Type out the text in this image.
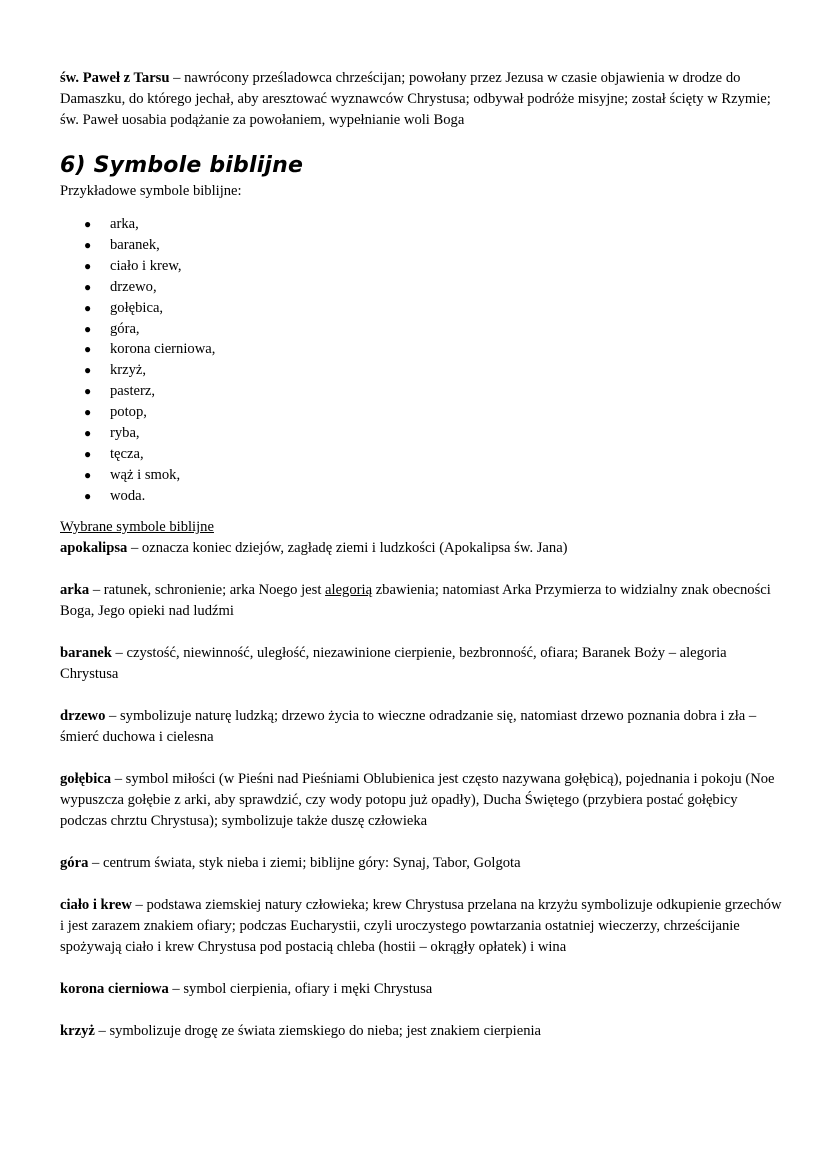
św. Paweł z Tarsu – nawrócony prześladowca chrześcijan; powołany przez Jezusa w czasie objawienia w drodze do Damaszku, do którego jechał, aby aresztować wyznawców Chrystusa; odbywał podróże misyjne; został ścięty w Rzymie; św. Paweł uosabia podążanie za powołaniem, wypełnianie woli Boga

6) Symbole biblijne

Przykładowe symbole biblijne:

● arka,
● baranek,
● ciało i krew,
● drzewo,
● gołębica,
● góra,
● korona cierniowa,
● krzyż,
● pasterz,
● potop,
● ryba,
● tęcza,
● wąż i smok,
● woda.

Wybrane symbole biblijne

apokalipsa – oznacza koniec dziejów, zagładę ziemi i ludzkości (Apokalipsa św. Jana)

arka – ratunek, schronienie; arka Noego jest alegorią zbawienia; natomiast Arka Przymierza to widzialny znak obecności Boga, Jego opieki nad ludźmi

baranek – czystość, niewinność, uległość, niezawinione cierpienie, bezbronność, ofiara; Baranek Boży – alegoria Chrystusa

drzewo – symbolizuje naturę ludzką; drzewo życia to wieczne odradzanie się, natomiast drzewo poznania dobra i zła – śmierć duchowa i cielesna

gołębica – symbol miłości (w Pieśni nad Pieśniami Oblubienica jest często nazywana gołębicą), pojednania i pokoju (Noe wypuszcza gołębie z arki, aby sprawdzić, czy wody potopu już opadły), Ducha Świętego (przybiera postać gołębicy podczas chrztu Chrystusa); symbolizuje także duszę człowieka

góra – centrum świata, styk nieba i ziemi; biblijne góry: Synaj, Tabor, Golgota

ciało i krew – podstawa ziemskiej natury człowieka; krew Chrystusa przelana na krzyżu symbolizuje odkupienie grzechów i jest zarazem znakiem ofiary; podczas Eucharystii, czyli uroczystego powtarzania ostatniej wieczerzy, chrześcijanie spożywają ciało i krew Chrystusa pod postacią chleba (hostii – okrągły opłatek) i wina

korona cierniowa – symbol cierpienia, ofiary i męki Chrystusa

krzyż – symbolizuje drogę ze świata ziemskiego do nieba; jest znakiem cierpienia
